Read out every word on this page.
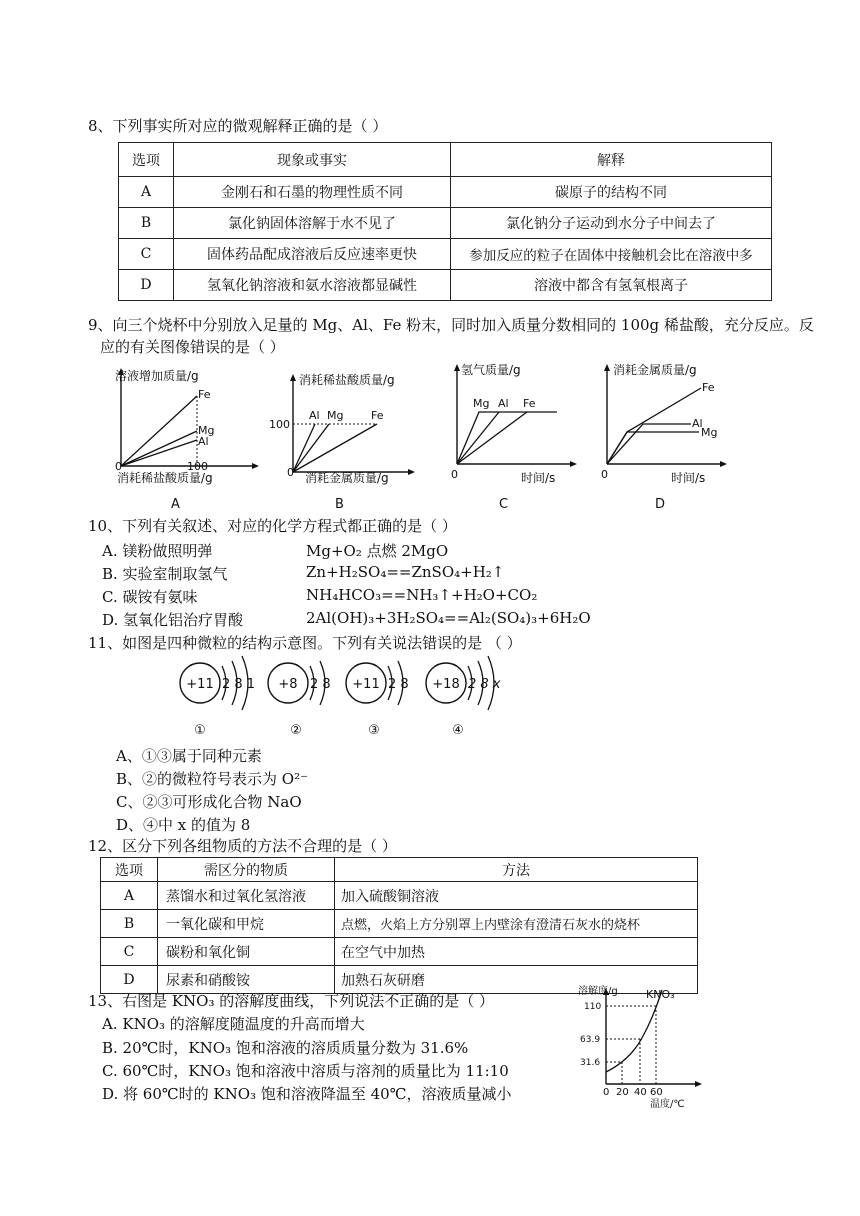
8、下列事实所对应的微观解释正确的是（ ）
选项	现象或事实	解释
A	金刚石和石墨的物理性质不同	碳原子的结构不同
B	氯化钠固体溶解于水不见了	氯化钠分子运动到水分子中间去了
C	固体药品配成溶液后反应速率更快	参加反应的粒子在固体中接触机会比在溶液中多
D	氢氧化钠溶液和氨水溶液都显碱性	溶液中都含有氢氧根离子
9、向三个烧杯中分别放入足量的 Mg、Al、Fe 粉末，同时加入质量分数相同的 100g 稀盐酸，充分反应。反
应的有关图像错误的是（ ）
溶液增加质量/g
Fe
Mg
Al
0	100
消耗稀盐酸质量/g
A
消耗稀盐酸质量/g
Al Mg	Fe
100
0 消耗金属质量/g
B
氢气质量/g
Mg Al Fe
0	时间/s
C
消耗金属质量/g
Fe
Al
Mg
0	时间/s
D
10、下列有关叙述、对应的化学方程式都正确的是（ ）
A. 镁粉做照明弹	Mg+O₂ 点燃 2MgO
B. 实验室制取氢气	Zn+H₂SO₄==ZnSO₄+H₂↑
C. 碳铵有氨味	NH₄HCO₃==NH₃↑+H₂O+CO₂
D. 氢氧化铝治疗胃酸	2Al(OH)₃+3H₂SO₄==Al₂(SO₄)₃+6H₂O
11、如图是四种微粒的结构示意图。下列有关说法错误的是 （ ）
+11 2 8 1
①
+8 2 8
②
+11 2 8
③
+18 2 8 x
④
A、①③属于同种元素
B、②的微粒符号表示为 O²⁻
C、②③可形成化合物 NaO
D、④中 x 的值为 8
12、区分下列各组物质的方法不合理的是（ ）
选项	需区分的物质	方法
A	蒸馏水和过氧化氢溶液	加入硫酸铜溶液
B	一氧化碳和甲烷	点燃，火焰上方分别罩上内壁涂有澄清石灰水的烧杯
C	碳粉和氧化铜	在空气中加热
D	尿素和硝酸铵	加熟石灰研磨
13、右图是 KNO₃ 的溶解度曲线，下列说法不正确的是（ ）
A. KNO₃ 的溶解度随温度的升高而增大
B. 20℃时，KNO₃ 饱和溶液的溶质质量分数为 31.6%
C. 60℃时，KNO₃ 饱和溶液中溶质与溶剂的质量比为 11:10
D. 将 60℃时的 KNO₃ 饱和溶液降温至 40℃，溶液质量减小
溶解度/g	KNO₃
110
63.9
31.6
0 20 40 60
温度/℃
